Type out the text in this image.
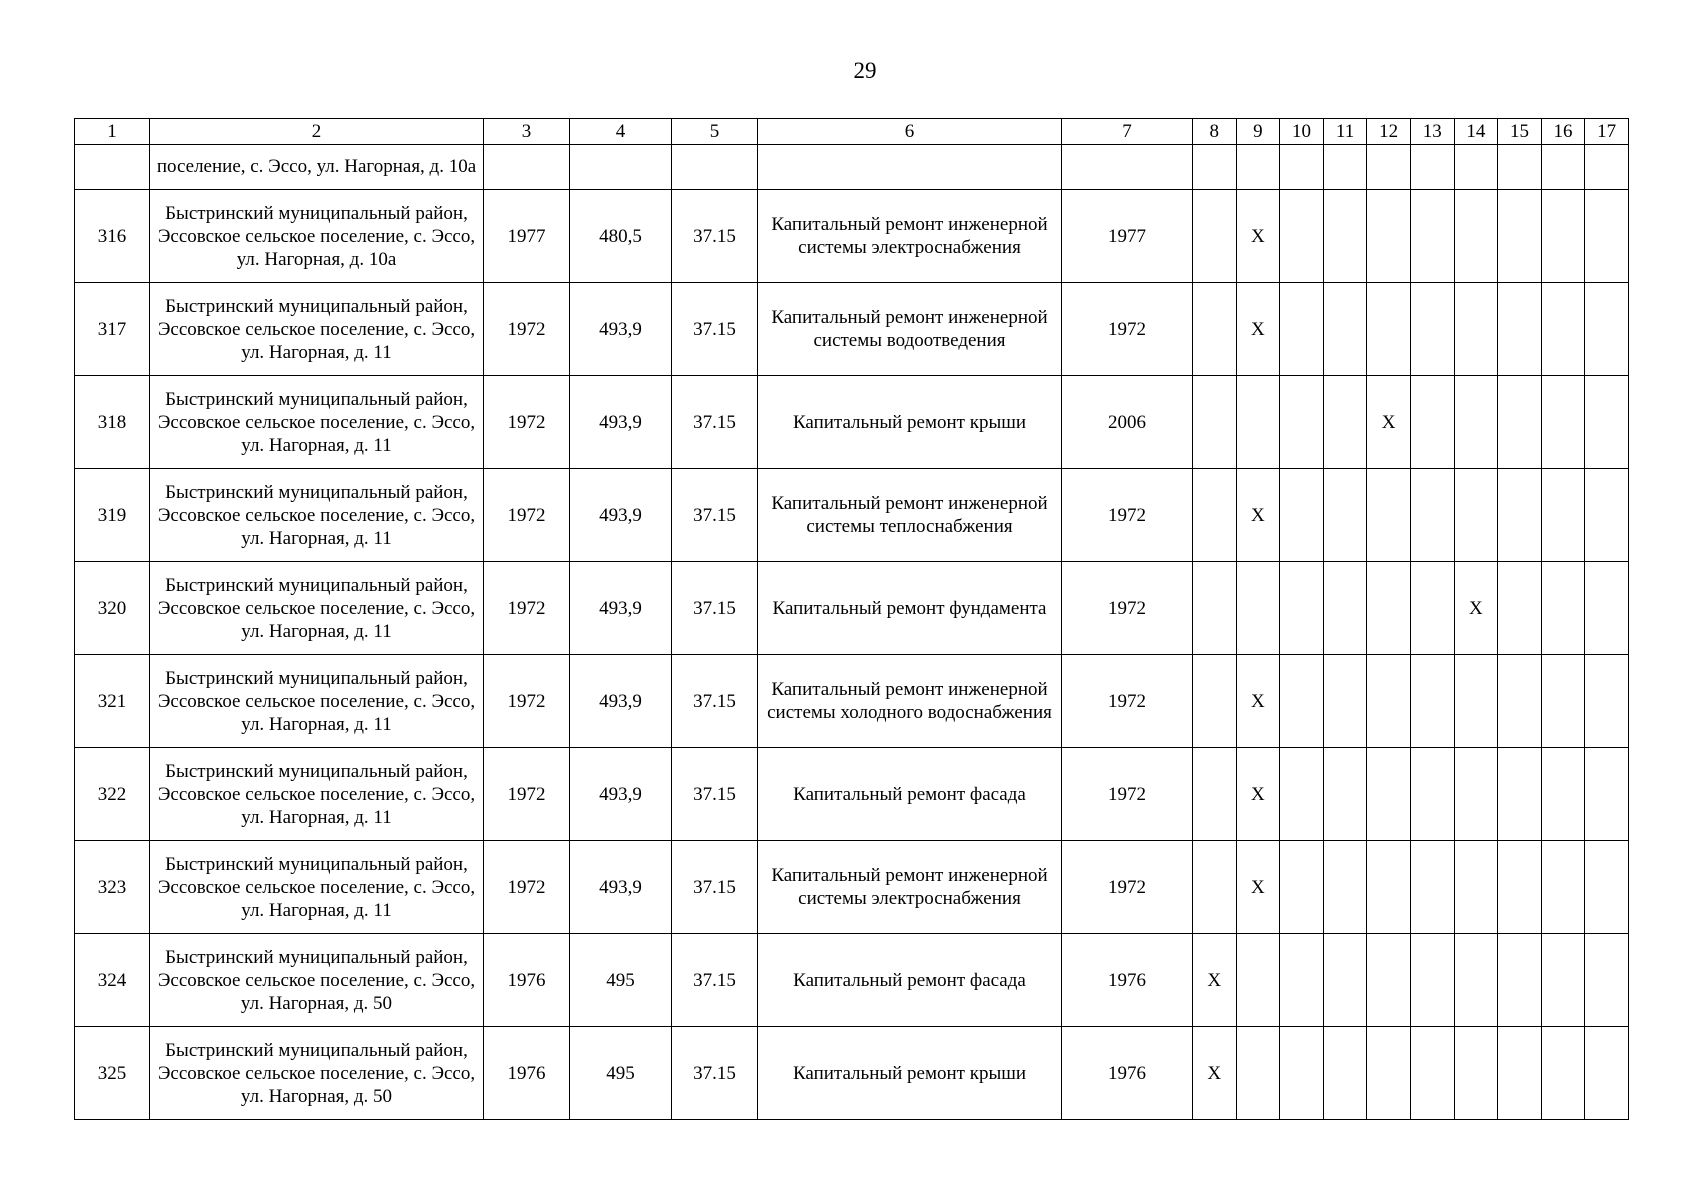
29
1	2	3	4	5	6	7	8	9	10	11	12	13	14	15	16	17
	поселение, с. Эссо, ул. Нагорная, д. 10а															
316	Быстринский муниципальный район, Эссовское сельское поселение, с. Эссо, ул. Нагорная, д. 10а	1977	480,5	37.15	Капитальный ремонт инженерной системы электроснабжения	1977		X								
317	Быстринский муниципальный район, Эссовское сельское поселение, с. Эссо, ул. Нагорная, д. 11	1972	493,9	37.15	Капитальный ремонт инженерной системы водоотведения	1972		X								
318	Быстринский муниципальный район, Эссовское сельское поселение, с. Эссо, ул. Нагорная, д. 11	1972	493,9	37.15	Капитальный ремонт крыши	2006					X					
319	Быстринский муниципальный район, Эссовское сельское поселение, с. Эссо, ул. Нагорная, д. 11	1972	493,9	37.15	Капитальный ремонт инженерной системы теплоснабжения	1972		X								
320	Быстринский муниципальный район, Эссовское сельское поселение, с. Эссо, ул. Нагорная, д. 11	1972	493,9	37.15	Капитальный ремонт фундамента	1972							X			
321	Быстринский муниципальный район, Эссовское сельское поселение, с. Эссо, ул. Нагорная, д. 11	1972	493,9	37.15	Капитальный ремонт инженерной системы холодного водоснабжения	1972		X								
322	Быстринский муниципальный район, Эссовское сельское поселение, с. Эссо, ул. Нагорная, д. 11	1972	493,9	37.15	Капитальный ремонт фасада	1972		X								
323	Быстринский муниципальный район, Эссовское сельское поселение, с. Эссо, ул. Нагорная, д. 11	1972	493,9	37.15	Капитальный ремонт инженерной системы электроснабжения	1972		X								
324	Быстринский муниципальный район, Эссовское сельское поселение, с. Эссо, ул. Нагорная, д. 50	1976	495	37.15	Капитальный ремонт фасада	1976	X									
325	Быстринский муниципальный район, Эссовское сельское поселение, с. Эссо, ул. Нагорная, д. 50	1976	495	37.15	Капитальный ремонт крыши	1976	X									
